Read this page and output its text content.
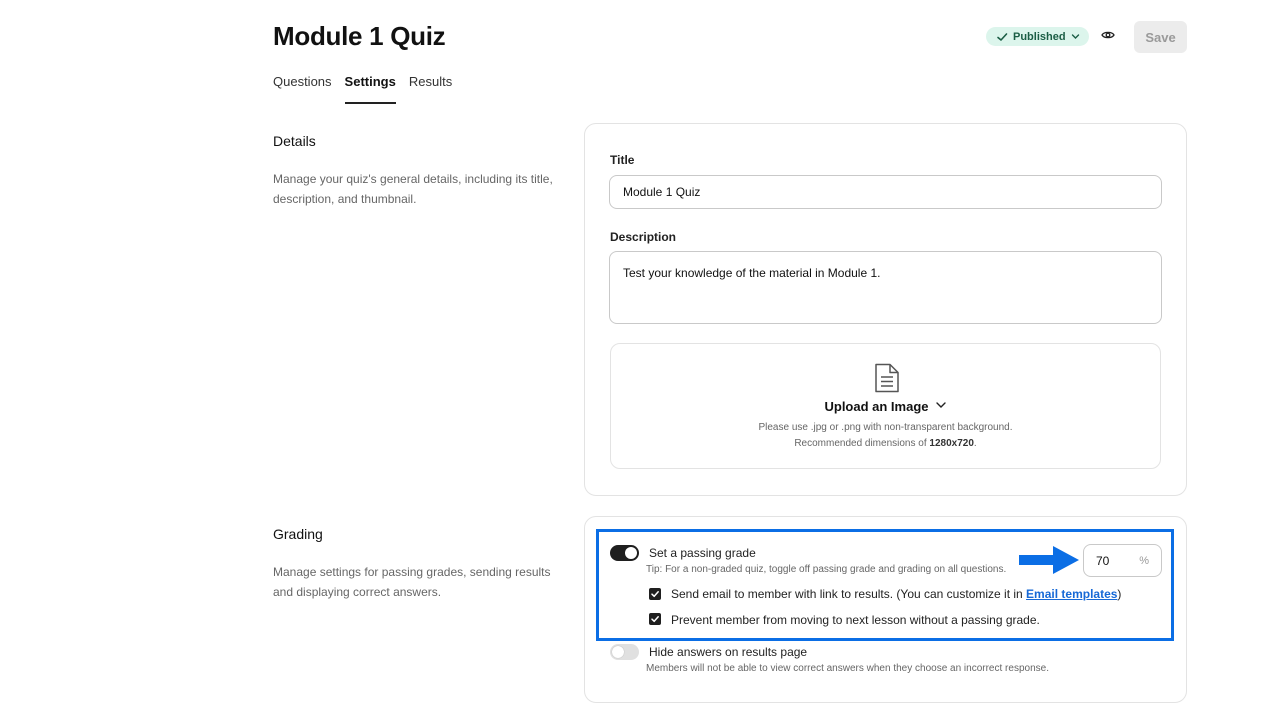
Module 1 Quiz	Published	Save
Questions Settings Results
Details
Manage your quiz's general details, including its title, description, and thumbnail.
Title
Module 1 Quiz
Description
Test your knowledge of the material in Module 1.
Upload an Image
Please use .jpg or .png with non-transparent background.
Recommended dimensions of 1280x720.
Grading
Manage settings for passing grades, sending results and displaying correct answers.
Set a passing grade
Tip: For a non-graded quiz, toggle off passing grade and grading on all questions.
70
%
Send email to member with link to results. (You can customize it in Email templates)
Prevent member from moving to next lesson without a passing grade.
Hide answers on results page
Members will not be able to view correct answers when they choose an incorrect response.
